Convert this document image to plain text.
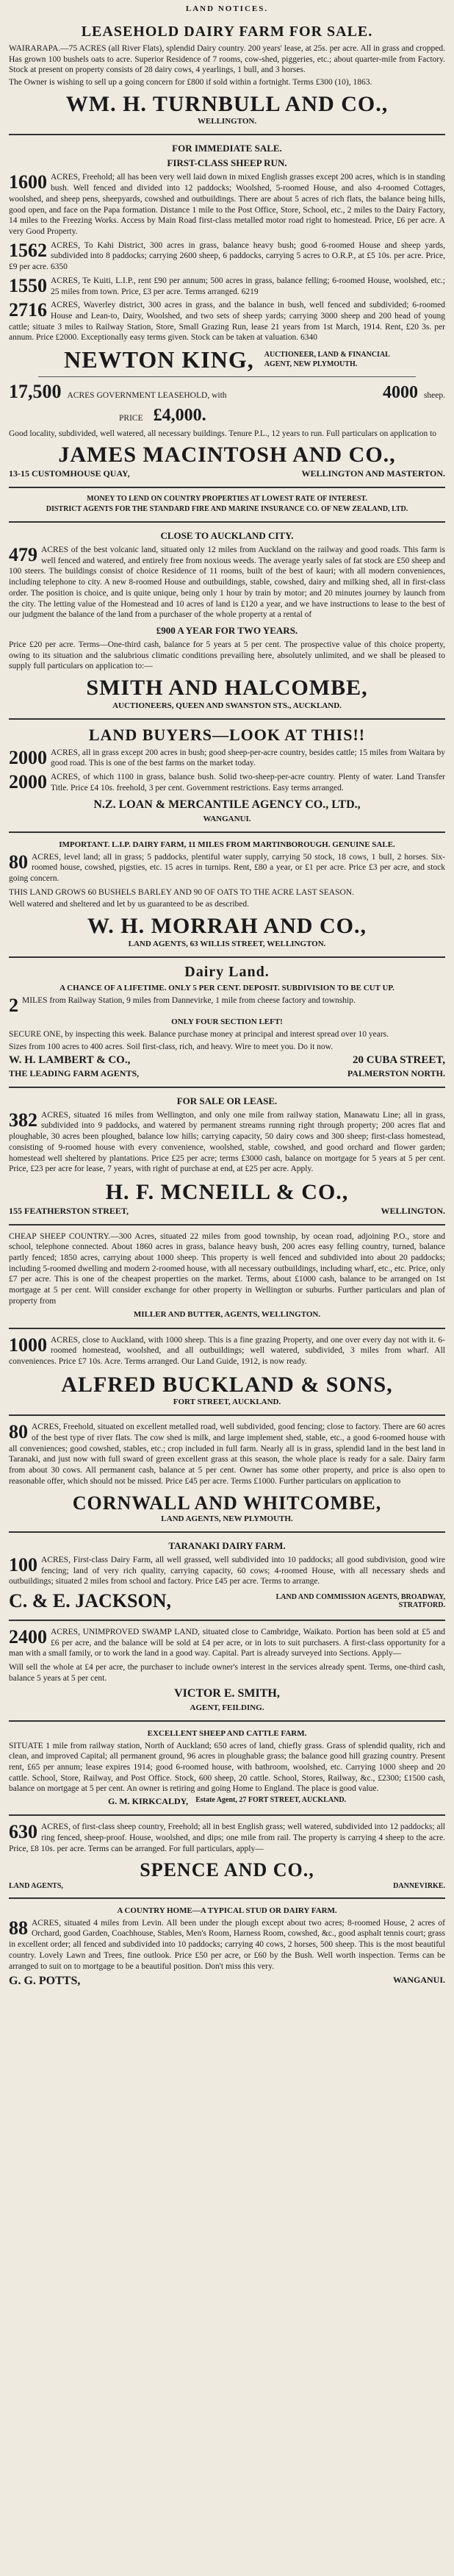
LAND NOTICES.
LEASEHOLD DAIRY FARM FOR SALE.

WAIRARAPA.—75 ACRES (all River Flats), splendid Dairy country. 200 years' lease, at 25s. per acre. All in grass and cropped. Has grown 100 bushels oats to acre. Superior Residence of 7 rooms, cow-shed, piggeries, etc.; about quarter-mile from Factory. Stock at present on property consists of 28 dairy cows, 4 yearlings, 1 bull, and 3 horses.

The Owner is wishing to sell up a going concern for £800 if sold within a fortnight. Terms £300 (10), 1863.

WM. H. TURNBULL AND CO.,
WELLINGTON.
FOR IMMEDIATE SALE.
FIRST-CLASS SHEEP RUN.

1600 ACRES, Freehold; all has been very well laid down in mixed English grasses except 200 acres, which is in standing bush. Well fenced and divided into 12 paddocks; Woolshed, 5-roomed House, and also 4-roomed Cottages, woolshed, and sheep pens, sheepyards, cowshed and outbuildings. There are about 5 acres of rich flats, the balance being hills, good open, and face on the Papa formation. Distance 1 mile to the Post Office, Store, School, etc., 2 miles to the Dairy Factory, 14 miles to the Freezing Works. Access by Main Road first-class metalled motor road right to homestead. Price, £6 per acre. A very Good Property.

1562 ACRES, To Kahi District, 300 acres in grass, balance heavy bush; good 6-roomed House and sheep yards, subdivided into 8 paddocks; carrying 2600 sheep, 6 paddocks, carrying 5 acres to O.R.P., at £5 10s. per acre. Price, £9 per acre. 6350

1550 ACRES, Te Kuiti, L.I.P., rent £90 per annum; 500 acres in grass, balance felling; 6-roomed House, woolshed, etc.; 25 miles from town. Price, £3 per acre. Terms arranged. 6219

2716 ACRES, Waverley district, 300 acres in grass, and the balance in bush, well fenced and subdivided; 6-roomed House and Lean-to, Dairy, Woolshed, and two sets of sheep yards; carrying 3000 sheep and 200 head of young cattle; situate 3 miles to Railway Station, Store, Small Grazing Run, lease 21 years from 1st March, 1914. Rent, £20 3s. per annum. Price £2000. Exceptionally easy terms given. Stock can be taken at valuation. 6340

NEWTON KING, AUCTIONEER, LAND & FINANCIAL
AGENT, NEW PLYMOUTH.
17,500 ACRES GOVERNMENT LEASEHOLD, with	4000 sheep.
PRICE £4,000.

Good locality, subdivided, well watered, all necessary buildings. Tenure P.L., 12 years to run. Full particulars on application to

JAMES MACINTOSH AND CO.,
13-15 CUSTOMHOUSE QUAY,	WELLINGTON AND MASTERTON.
MONEY TO LEND ON COUNTRY PROPERTIES AT LOWEST RATE OF INTEREST.
DISTRICT AGENTS FOR THE STANDARD FIRE AND MARINE INSURANCE CO. OF NEW ZEALAND, LTD.
CLOSE TO AUCKLAND CITY.

479 ACRES of the best volcanic land, situated only 12 miles from Auckland on the railway and good roads. This farm is well fenced and watered, and entirely free from noxious weeds. The average yearly sales of fat stock are £50 sheep and 100 steers. The buildings consist of choice Residence of 11 rooms, built of the best of kauri; with all modern conveniences, including telephone to city. A new 8-roomed House and outbuildings, stable, cowshed, dairy and milking shed, all in first-class order. The position is choice, and is quite unique, being only 1 hour by train by motor; and 20 minutes journey by launch from the city. The letting value of the Homestead and 10 acres of land is £120 a year, and we have instructions to lease to the best of our judgment the balance of the land from a purchaser of the whole property at a rental of

£900 A YEAR FOR TWO YEARS.

Price £20 per acre. Terms—One-third cash, balance for 5 years at 5 per cent. The prospective value of this choice property, owing to its situation and the salubrious climatic conditions prevailing here, absolutely unlimited, and we shall be pleased to supply full particulars on application to:—

SMITH AND HALCOMBE,
AUCTIONEERS, QUEEN AND SWANSTON STS., AUCKLAND.
LAND BUYERS—LOOK AT THIS!!

2000 ACRES, all in grass except 200 acres in bush; good sheep-per-acre country, besides cattle; 15 miles from Waitara by good road. This is one of the best farms on the market today.

2000 ACRES, of which 1100 in grass, balance bush. Solid two-sheep-per-acre country. Plenty of water. Land Transfer Title. Price £4 10s. freehold, 3 per cent. Government restrictions. Easy terms arranged.

N.Z. LOAN & MERCANTILE AGENCY CO., LTD.,
WANGANUI.
IMPORTANT. L.I.P. DAIRY FARM, 11 MILES FROM MARTINBOROUGH. GENUINE SALE.

80 ACRES, level land; all in grass; 5 paddocks, plentiful water supply, carrying 50 stock, 18 cows, 1 bull, 2 horses. Six-roomed house, cowshed, pigsties, etc. 15 acres in turnips. Rent, £80 a year, or £1 per acre. Price £3 per acre, and stock going concern.

THIS LAND GROWS 60 BUSHELS BARLEY AND 90 OF OATS TO THE ACRE LAST SEASON.

Well watered and sheltered and let by us guaranteed to be as described.

W. H. MORRAH AND CO.,
LAND AGENTS, 63 WILLIS STREET, WELLINGTON.
Dairy Land.
A CHANCE OF A LIFETIME. ONLY 5 PER CENT. DEPOSIT. SUBDIVISION TO BE CUT UP.

2 MILES from Railway Station, 9 miles from Dannevirke, 1 mile from cheese factory and township.

ONLY FOUR SECTION LEFT!

SECURE ONE, by inspecting this week. Balance purchase money at principal and interest spread over 10 years.

Sizes from 100 acres to 400 acres. Soil first-class, rich, and heavy. Wire to meet you. Do it now.

W. H. LAMBERT & CO.,	20 CUBA STREET,
THE LEADING FARM AGENTS,	PALMERSTON NORTH.
FOR SALE OR LEASE.

382 ACRES, situated 16 miles from Wellington, and only one mile from railway station, Manawatu Line; all in grass, subdivided into 9 paddocks, and watered by permanent streams running right through property; 200 acres flat and ploughable, 30 acres been ploughed, balance low hills; carrying capacity, 50 dairy cows and 300 sheep; first-class homestead, consisting of 9-roomed house with every convenience, woolshed, stable, cowshed, and good orchard and flower garden; homestead well sheltered by plantations. Price £25 per acre; terms £3000 cash, balance on mortgage for 5 years at 5 per cent. Price, £23 per acre for lease, 7 years, with right of purchase at end, at £25 per acre. Apply.

H. F. MCNEILL & CO.,
155 FEATHERSTON STREET,	WELLINGTON.

CHEAP SHEEP COUNTRY.—300 Acres, situated 22 miles from good township, by ocean road, adjoining P.O., store and school, telephone connected. About 1860 acres in grass, balance heavy bush, 200 acres easy felling country, turned, balance partly fenced; 1850 acres, carrying about 1000 sheep. This property is well fenced and subdivided into about 20 paddocks; including 5-roomed dwelling and modern 2-roomed house, with all necessary outbuildings, including wharf, etc., etc. Price, only £7 per acre. This is one of the cheapest properties on the market. Terms, about £1000 cash, balance to be arranged on 1st mortgage at 5 per cent. Will consider exchange for other property in Wellington or suburbs. Further particulars and plan of property from

MILLER AND BUTTER, AGENTS, WELLINGTON.

1000 ACRES, close to Auckland, with 1000 sheep. This is a fine grazing Property, and one over every day not with it. 6-roomed homestead, woolshed, and all outbuildings; well watered, subdivided, 3 miles from wharf. All conveniences. Price £7 10s. Acre. Terms arranged. Our Land Guide, 1912, is now ready.

ALFRED BUCKLAND & SONS,
FORT STREET, AUCKLAND.

80 ACRES, Freehold, situated on excellent metalled road, well subdivided, good fencing; close to factory. There are 60 acres of the best type of river flats. The cow shed is milk, and large implement shed, stable, etc., a good 6-roomed house with all conveniences; good cowshed, stables, etc.; crop included in full farm. Nearly all is in grass, splendid land in the best land in Taranaki, and just now with full sward of green excellent grass at this season, the whole place is ready for a sale. Dairy farm from about 30 cows. All permanent cash, balance at 5 per cent. Owner has some other property, and price is also open to reasonable offer, which should not be missed. Price £45 per acre. Terms £1000. Further particulars on application to

CORNWALL AND WHITCOMBE,
LAND AGENTS, NEW PLYMOUTH.
TARANAKI DAIRY FARM.

100 ACRES, First-class Dairy Farm, all well grassed, well subdivided into 10 paddocks; all good subdivision, good wire fencing; land of very rich quality, carrying capacity, 60 cows; 4-roomed House, with all necessary sheds and outbuildings; situated 2 miles from school and factory. Price £45 per acre. Terms to arrange.

C. & E. JACKSON,	LAND AND COMMISSION AGENTS, BROADWAY, STRATFORD.

2400 ACRES, UNIMPROVED SWAMP LAND, situated close to Cambridge, Waikato. Portion has been sold at £5 and £6 per acre, and the balance will be sold at £4 per acre, or in lots to suit purchasers. A first-class opportunity for a man with a small family, or to work the land in a good way. Capital. Part is already surveyed into Sections. Apply—

Will sell the whole at £4 per acre, the purchaser to include owner's interest in the services already spent. Terms, one-third cash, balance 5 years at 5 per cent.

VICTOR E. SMITH,
AGENT, FEILDING.
EXCELLENT SHEEP AND CATTLE FARM.

SITUATE 1 mile from railway station, North of Auckland; 650 acres of land, chiefly grass. Grass of splendid quality, rich and clean, and improved Capital; all permanent ground, 96 acres in ploughable grass; the balance good hill grazing country. Present rent, £65 per annum; lease expires 1914; good 6-roomed house, with bathroom, woolshed, etc. Carrying 1000 sheep and 20 cattle. School, Store, Railway, and Post Office. Stock, 600 sheep, 20 cattle. School, Stores, Railway, &c., £2300; £1500 cash, balance on mortgage at 5 per cent. An owner is retiring and going Home to England. The place is good value.

G. M. KIRKCALDY, Estate Agent, 27 FORT STREET, AUCKLAND.

630 ACRES, of first-class sheep country, Freehold; all in best English grass; well watered, subdivided into 12 paddocks; all ring fenced, sheep-proof. House, woolshed, and dips; one mile from rail. The property is carrying 4 sheep to the acre. Price, £8 10s. per acre. Terms can be arranged. For full particulars, apply—

SPENCE AND CO.,
LAND AGENTS,	DANNEVIRKE.
A COUNTRY HOME—A TYPICAL STUD OR DAIRY FARM.

88 ACRES, situated 4 miles from Levin. All been under the plough except about two acres; 8-roomed House, 2 acres of Orchard, good Garden, Coachhouse, Stables, Men's Room, Harness Room, cowshed, &c., good asphalt tennis court; grass in excellent order; all fenced and subdivided into 10 paddocks; carrying 40 cows, 2 horses, 500 sheep. This is the most beautiful country. Lovely Lawn and Trees, fine outlook. Price £50 per acre, or £60 by the Bush. Well worth inspection. Terms can be arranged to suit on to mortgage to be a beautiful position. Don't miss this very.

G. G. POTTS,	WANGANUI.
